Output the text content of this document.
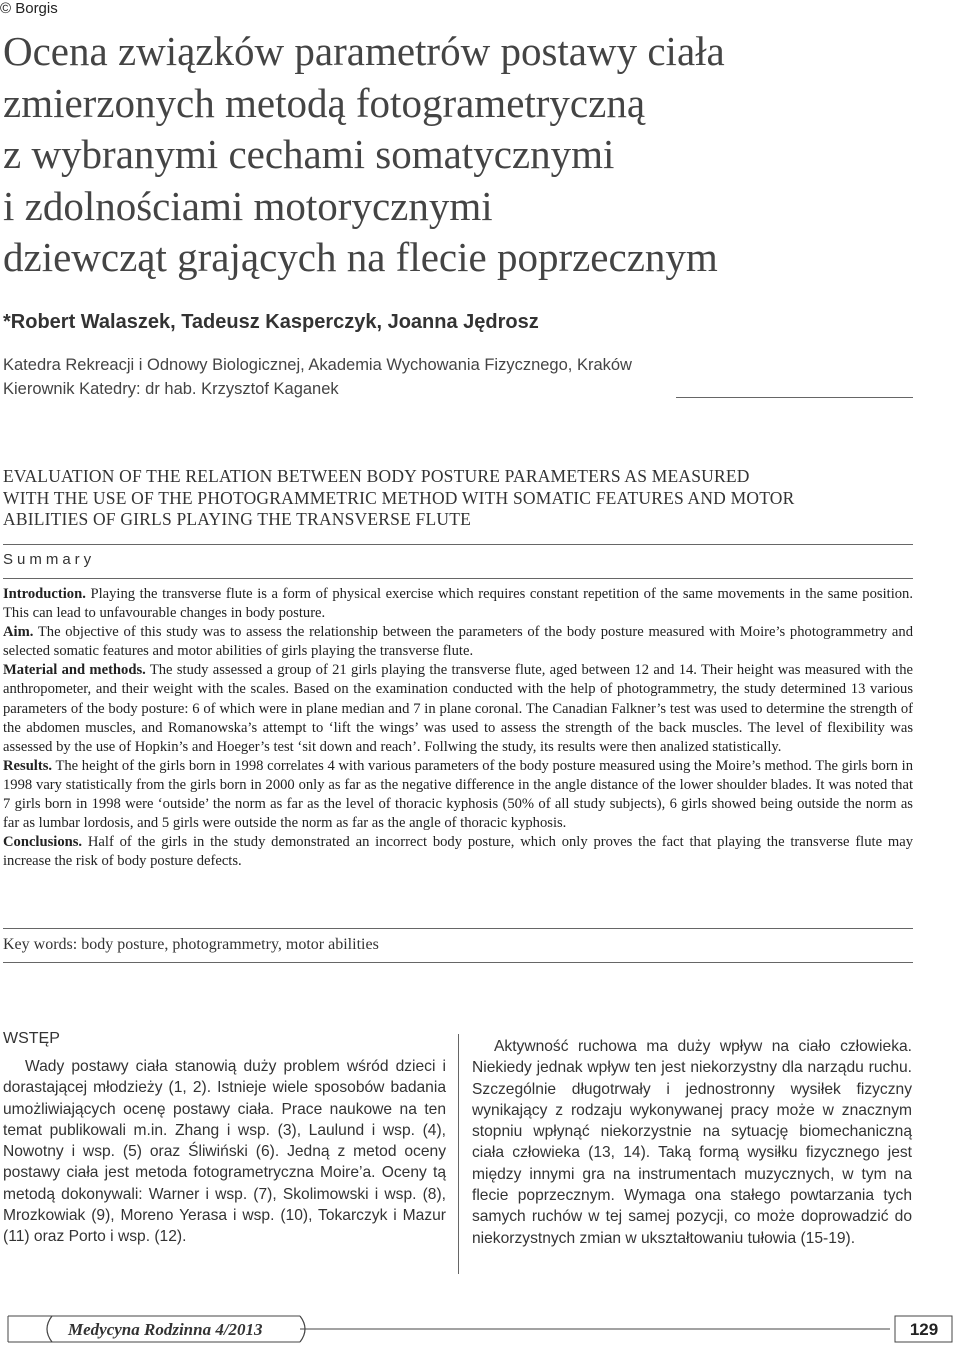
© Borgis
Ocena związków parametrów postawy ciała
zmierzonych metodą fotogrametryczną
z wybranymi cechami somatycznymi
i zdolnościami motorycznymi
dziewcząt grających na flecie poprzecznym
*Robert Walaszek, Tadeusz Kasperczyk, Joanna Jędrosz
Katedra Rekreacji i Odnowy Biologicznej, Akademia Wychowania Fizycznego, Kraków
Kierownik Katedry: dr hab. Krzysztof Kaganek
EVALUATION OF THE RELATION BETWEEN BODY POSTURE PARAMETERS AS MEASURED
WITH THE USE OF THE PHOTOGRAMMETRIC METHOD WITH SOMATIC FEATURES AND MOTOR
ABILITIES OF GIRLS PLAYING THE TRANSVERSE FLUTE
Summary

Introduction. Playing the transverse flute is a form of physical exercise which requires constant repetition of the same movements in the same position. This can lead to unfavourable changes in body posture.

Aim. The objective of this study was to assess the relationship between the parameters of the body posture measured with Moire’s photogrammetry and selected somatic features and motor abilities of girls playing the transverse flute.

Material and methods. The study assessed a group of 21 girls playing the transverse flute, aged between 12 and 14. Their height was measured with the anthropometer, and their weight with the scales. Based on the examination conducted with the help of photogrammetry, the study determined 13 various parameters of the body posture: 6 of which were in plane median and 7 in plane coronal. The Canadian Falkner’s test was used to determine the strength of the abdomen muscles, and Romanowska’s attempt to ‘lift the wings’ was used to assess the strength of the back muscles. The level of flexibility was assessed by the use of Hopkin’s and Hoeger’s test ‘sit down and reach’. Follwing the study, its results were then analized statistically.

Results. The height of the girls born in 1998 correlates 4 with various parameters of the body posture measured using the Moire’s method. The girls born in 1998 vary statistically from the girls born in 2000 only as far as the negative difference in the angle distance of the lower shoulder blades. It was noted that 7 girls born in 1998 were ‘outside’ the norm as far as the level of thoracic kyphosis (50% of all study subjects), 6 girls showed being outside the norm as far as lumbar lordosis, and 5 girls were outside the norm as far as the angle of thoracic kyphosis.

Conclusions. Half of the girls in the study demonstrated an incorrect body posture, which only proves the fact that playing the transverse flute may increase the risk of body posture defects.

Key words: body posture, photogrammetry, motor abilities
WSTĘP

Wady postawy ciała stanowią duży problem wśród dzieci i dorastającej młodzieży (1, 2). Istnieje wiele sposobów badania umożliwiających ocenę postawy ciała. Prace naukowe na ten temat publikowali m.in. Zhang i wsp. (3), Laulund i wsp. (4), Nowotny i wsp. (5) oraz Śliwiński (6). Jedną z metod oceny postawy ciała jest metoda fotogrametryczna Moire’a. Oceny tą metodą dokonywali: Warner i wsp. (7), Skolimowski i wsp. (8), Mrozkowiak (9), Moreno Yerasa i wsp. (10), Tokarczyk i Mazur (11) oraz Porto i wsp. (12).

Aktywność ruchowa ma duży wpływ na ciało człowieka. Niekiedy jednak wpływ ten jest niekorzystny dla narządu ruchu. Szczególnie długotrwały i jednostronny wysiłek fizyczny wynikający z rodzaju wykonywanej pracy może w znacznym stopniu wpłynąć niekorzystnie na sytuację biomechaniczną ciała człowieka (13, 14). Taką formą wysiłku fizycznego jest między innymi gra na instrumentach muzycznych, w tym na flecie poprzecznym. Wymaga ona stałego powtarzania tych samych ruchów w tej samej pozycji, co może doprowadzić do niekorzystnych zmian w ukształtowaniu tułowia (15-19).

Medycyna Rodzinna 4/2013	129
